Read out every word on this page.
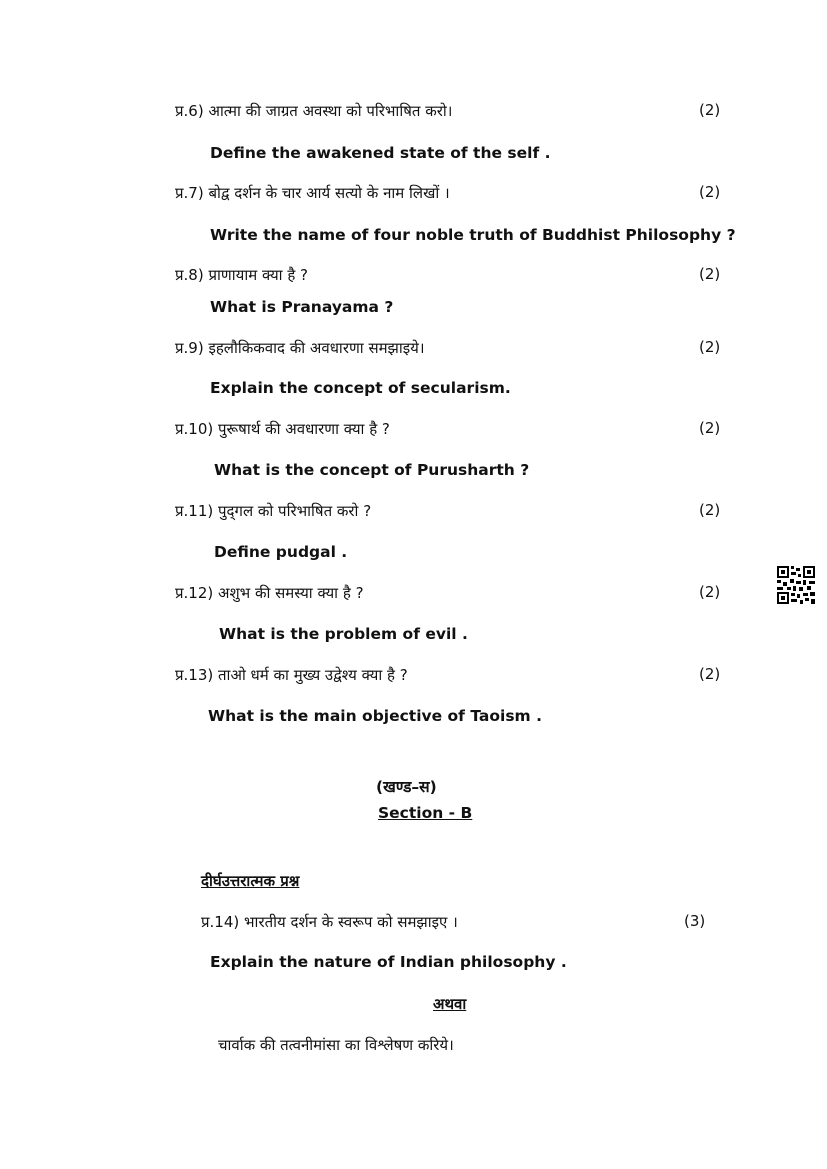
प्र.6) आत्मा की जाग्रत अवस्था को परिभाषित करो।	(2)
Define the awakened state of the self .
प्र.7) बोद्व दर्शन के चार आर्य सत्यो के नाम लिखों ।	(2)
Write the name of four noble truth of Buddhist Philosophy ?
प्र.8) प्राणायाम क्या है ?	(2)
What is Pranayama ?
प्र.9) इहलौकिकवाद की अवधारणा समझाइये।	(2)
Explain the concept of secularism.
प्र.10) पुरूषार्थ की अवधारणा क्या है ?	(2)
What is the concept of Purusharth ?
प्र.11) पुद्‌गल को परिभाषित करो ?	(2)
Define pudgal .
प्र.12) अशुभ की समस्या क्या है ?	(2)
What is the problem of evil .
प्र.13) ताओ धर्म का मुख्य उद्वेश्य क्या है ?	(2)
What is the main objective of Taoism .
(खण्ड–स)
Section - B
दीर्घउत्तरात्मक प्रश्न
प्र.14) भारतीय दर्शन के स्वरूप को समझाइए ।	(3)
Explain the nature of Indian philosophy .
अथवा
चार्वाक की तत्वनीमांसा का विश्लेषण करिये।
